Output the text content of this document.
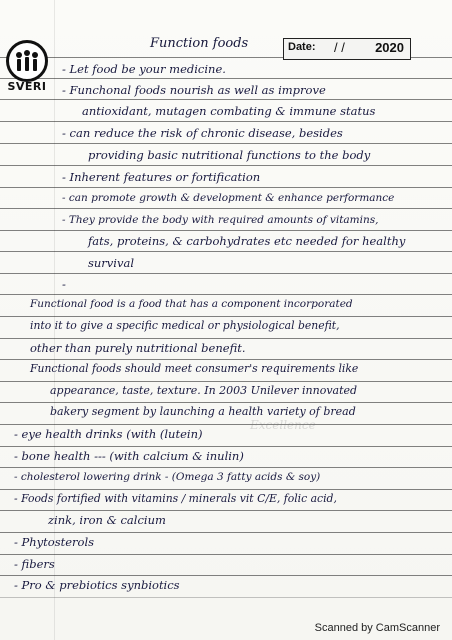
SVERI
Function foods	Date: / / 2020
- Let food be your medicine.
- Funchonal foods nourish as well as improve
antioxidant, mutagen combating & immune status
- can reduce the risk of chronic disease, besides
providing basic nutritional functions to the body
- Inherent features or fortification
- can promote growth & development & enhance performance
- They provide the body with required amounts of vitamins,
fats, proteins, & carbohydrates etc needed for healthy
survival
-
Functional food is a food that has a component incorporated
into it to give a specific medical or physiological benefit,
other than purely nutritional benefit.
Functional foods should meet consumer's requirements like
appearance, taste, texture. In 2003 Unilever innovated
bakery segment by launching a health variety of bread
- eye health drinks (with (lutein)
- bone health --- (with calcium & inulin)
- cholesterol lowering drink - (Omega 3 fatty acids & soy)
- Foods fortified with vitamins / minerals vit C/E, folic acid,
zink, iron & calcium
- Phytosterols
- fibers
- Pro & prebiotics synbiotics
Excellence
Scanned by CamScanner
